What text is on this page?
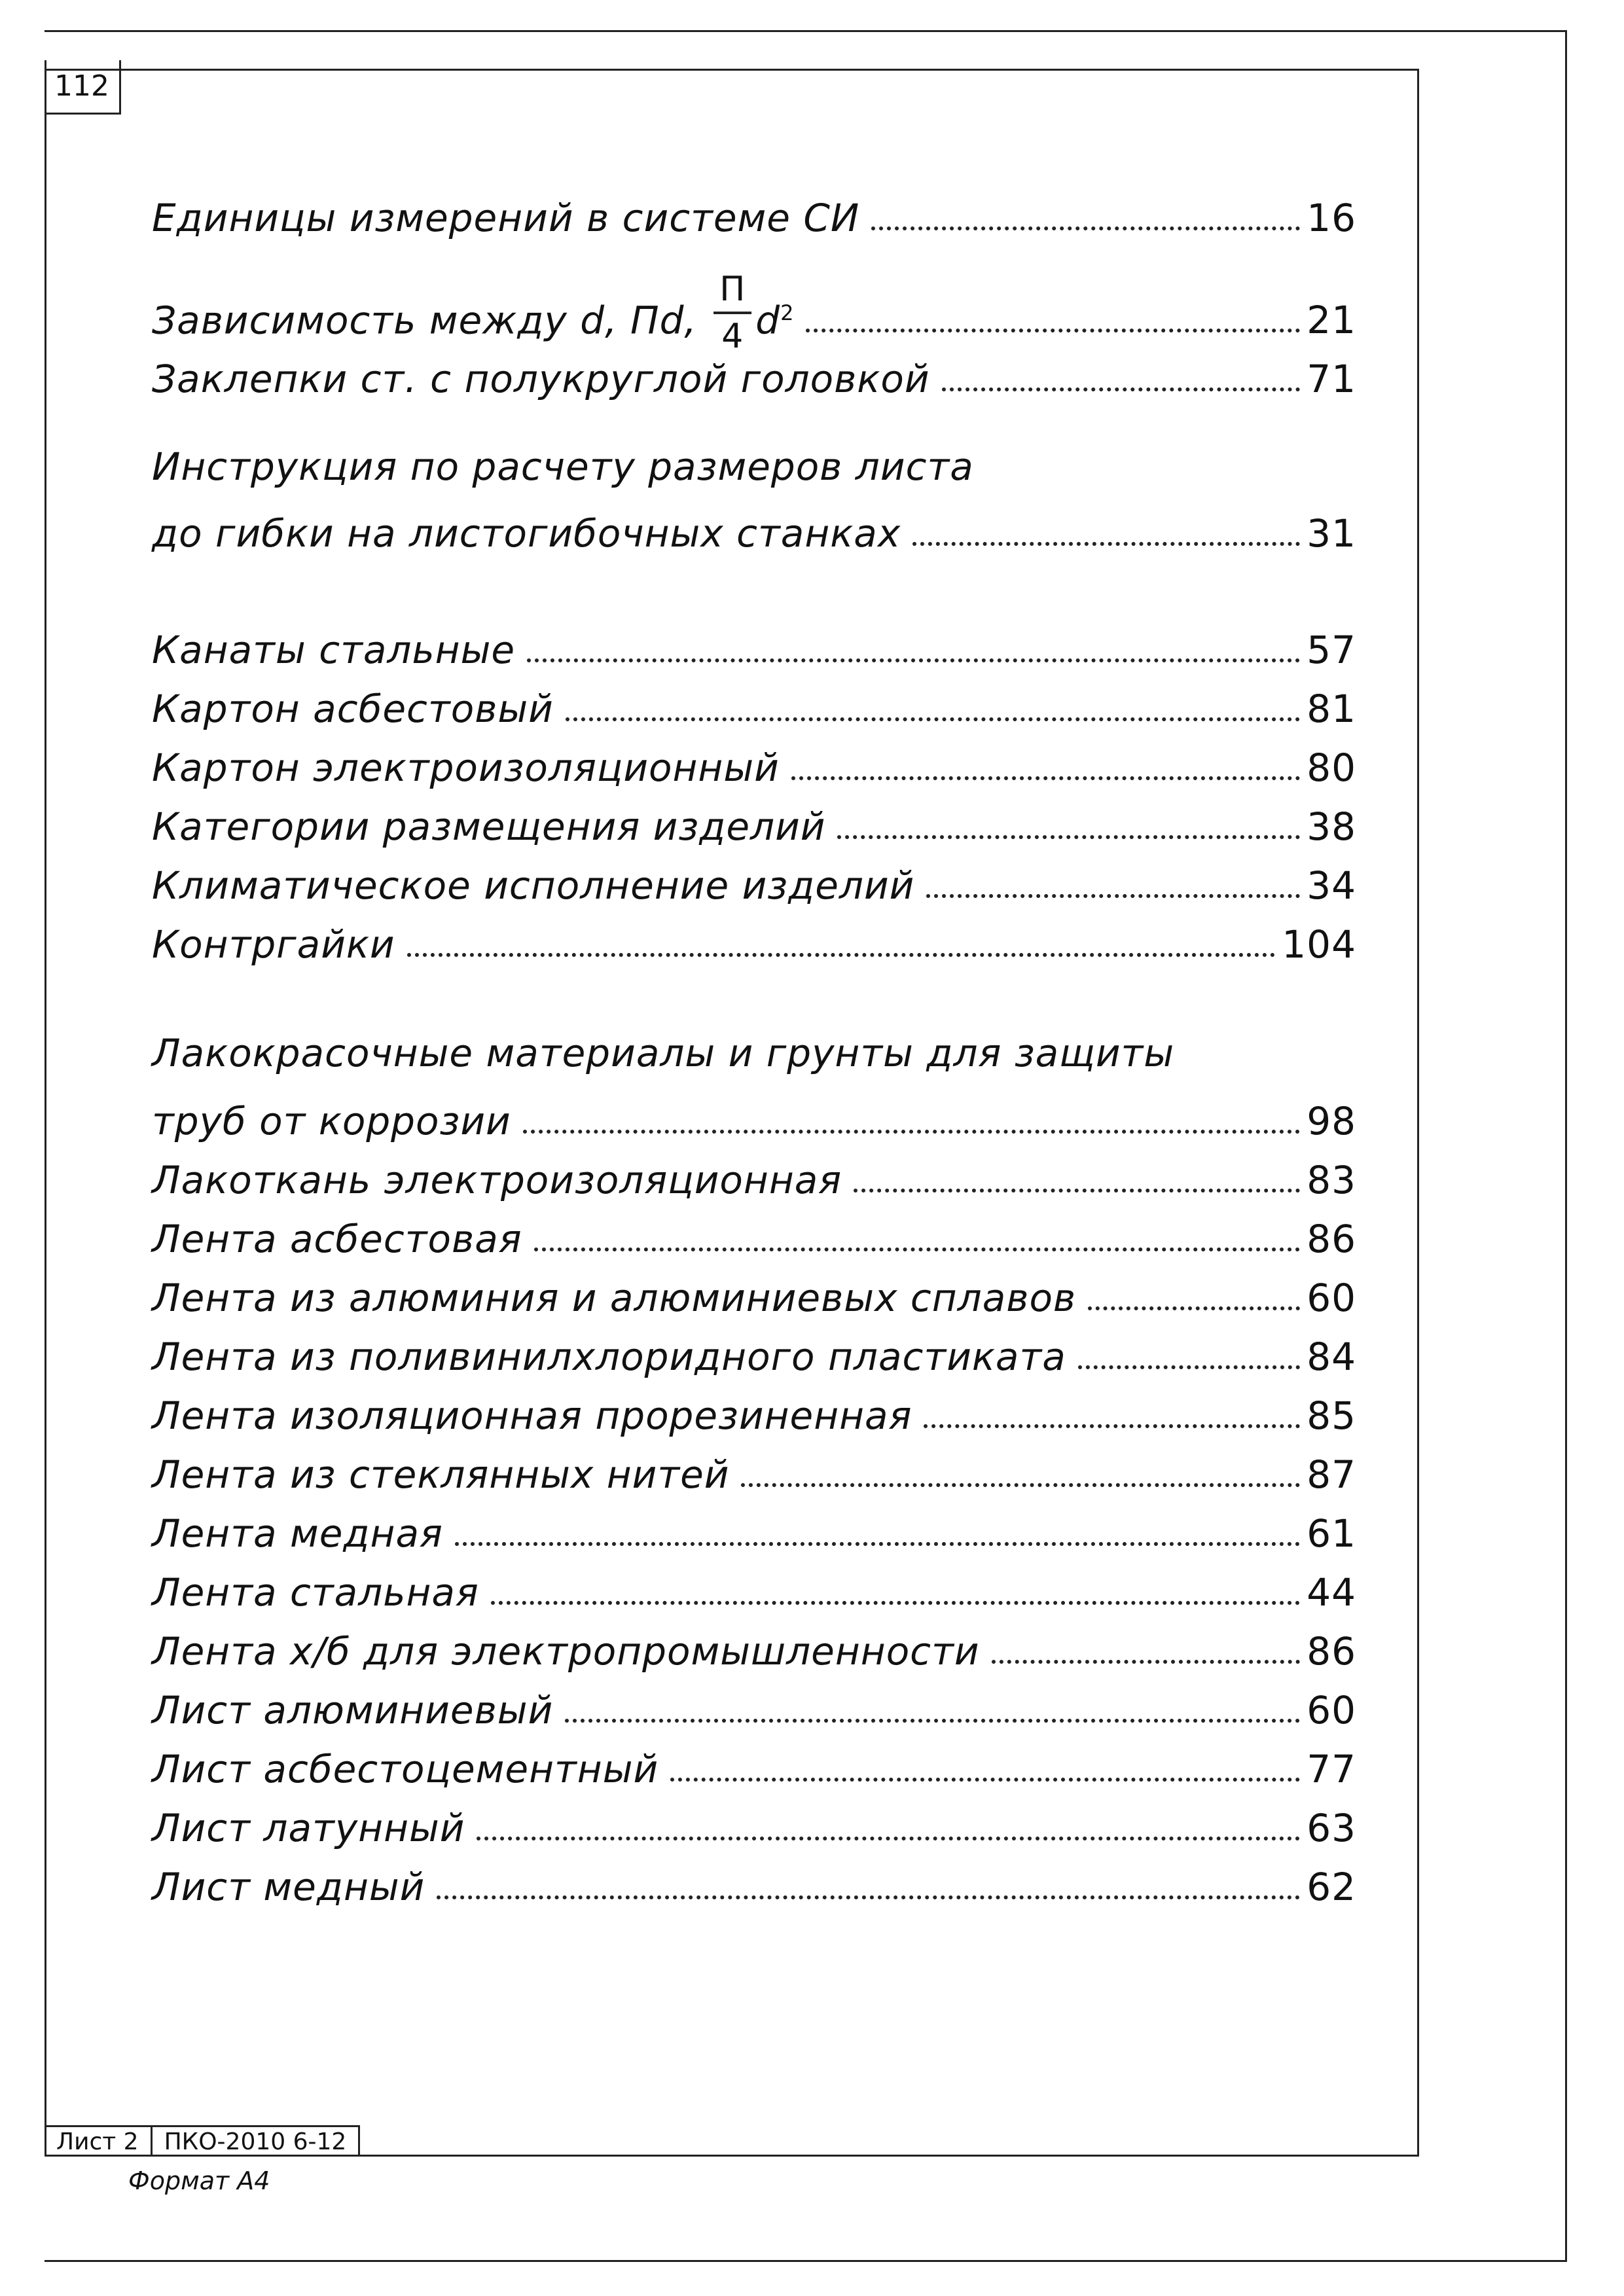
112
Единицы измерений в системе СИ	16
Зависимость между d, Пd, $\frac{П}{4} d^2$	21
Заклепки ст. с полукруглой головкой	71
Инструкция по расчету размеров листа
до гибки на листогибочных станках	31
Канаты стальные	57
Картон асбестовый	81
Картон электроизоляционный	80
Категории размещения изделий	38
Климатическое исполнение изделий	34
Контргайки	104
Лакокрасочные материалы и грунты для защиты
труб от коррозии	98
Лакоткань электроизоляционная	83
Лента асбестовая	86
Лента из алюминия и алюминиевых сплавов	60
Лента из поливинилхлоридного пластиката	84
Лента изоляционная прорезиненная	85
Лента из стеклянных нитей	87
Лента медная	61
Лента стальная	44
Лента х/б для электропромышленности	86
Лист алюминиевый	60
Лист асбестоцементный	77
Лист латунный	63
Лист медный	62
Лист 2	ПКО-2010 6-12
Формат А4
